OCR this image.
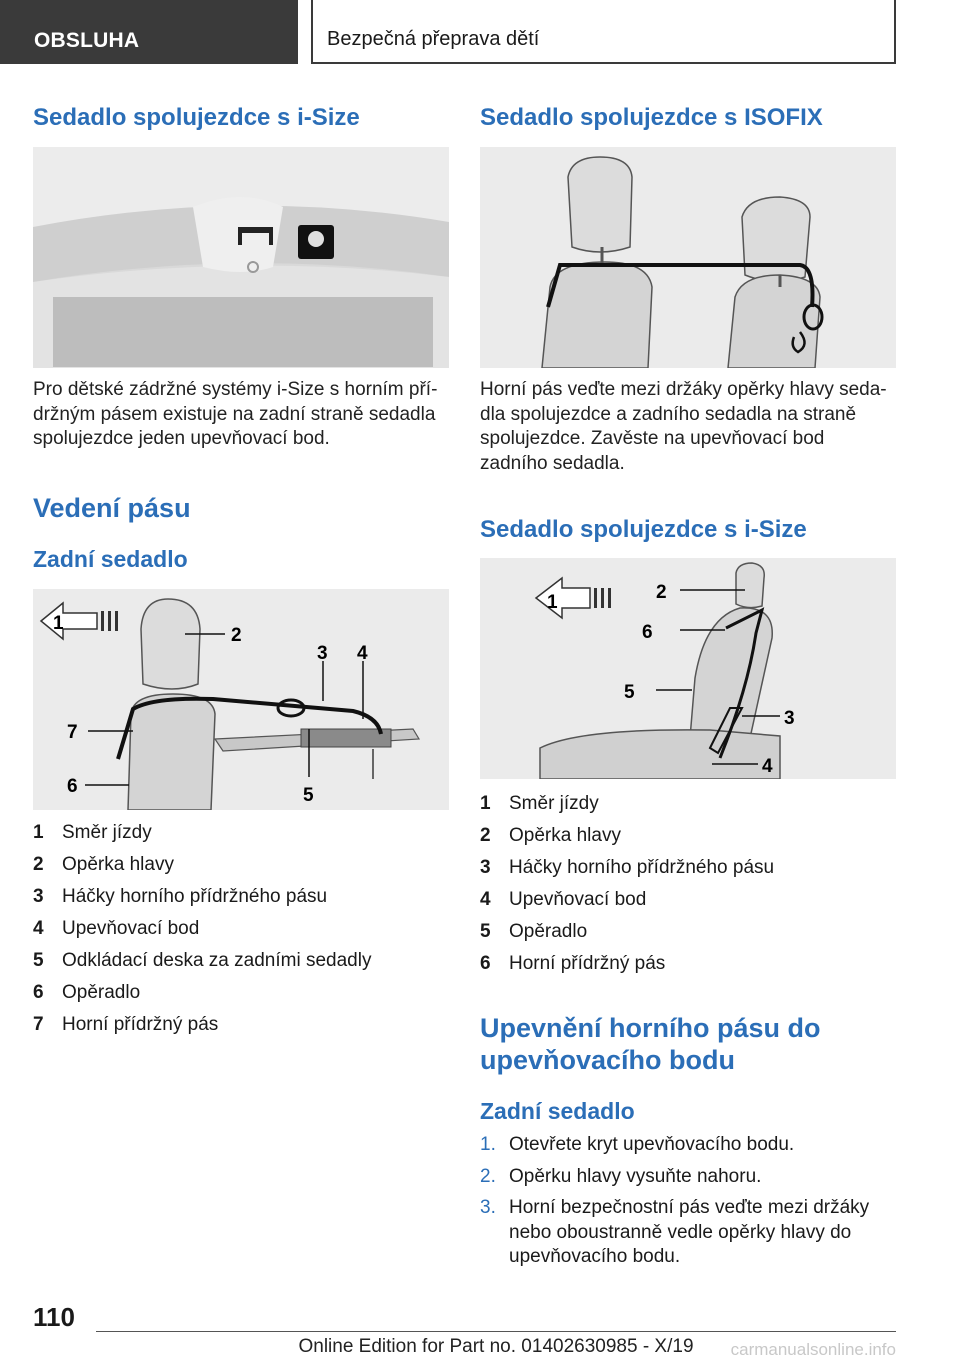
OBSLUHA	Bezpečná přeprava dětí
Sedadlo spolujezdce s i-Size

Pro dětské zádržné systémy i-Size s horním pří‐držným pásem existuje na zadní straně sedadla spolujezdce jeden upevňovací bod.

Vedení pásu
Zadní sedadlo
1
2
3 4
5
6
7
1 Směr jízdy
2 Opěrka hlavy
3 Háčky horního přídržného pásu
4 Upevňovací bod
5 Odkládací deska za zadními sedadly
6 Opěradlo
7 Horní přídržný pás
Sedadlo spolujezdce s ISOFIX

Horní pás veďte mezi držáky opěrky hlavy seda‐dla spolujezdce a zadního sedadla na straně spolujezdce. Zavěste na upevňovací bod zadního sedadla.

Sedadlo spolujezdce s i-Size
1	2
3
4
5
6
1 Směr jízdy
2 Opěrka hlavy
3 Háčky horního přídržného pásu
4 Upevňovací bod
5 Opěradlo
6 Horní přídržný pás
Upevnění horního pásu do upevňovacího bodu
Zadní sedadlo
1. Otevřete kryt upevňovacího bodu.
2. Opěrku hlavy vysuňte nahoru.
3. Horní bezpečnostní pás veďte mezi držáky nebo oboustranně vedle opěrky hlavy do upevňovacího bodu.
110
Online Edition for Part no. 01402630985 - X/19	carmanualsonline.info
